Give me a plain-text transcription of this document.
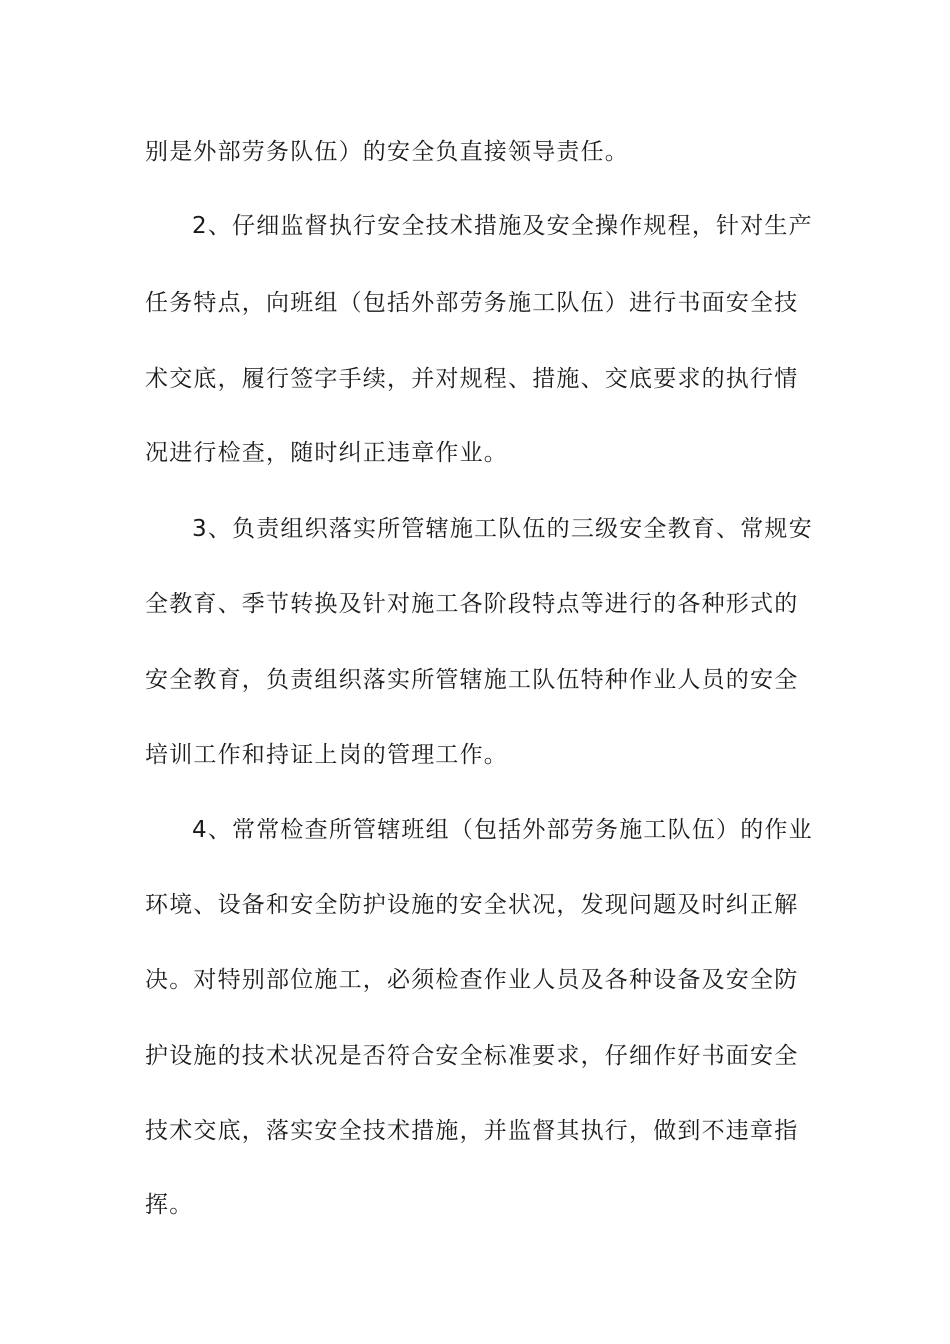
别是外部劳务队伍）的安全负直接领导责任。
2、仔细监督执行安全技术措施及安全操作规程，针对生产
任务特点，向班组（包括外部劳务施工队伍）进行书面安全技
术交底，履行签字手续，并对规程、措施、交底要求的执行情
况进行检查，随时纠正违章作业。
3、负责组织落实所管辖施工队伍的三级安全教育、常规安
全教育、季节转换及针对施工各阶段特点等进行的各种形式的
安全教育，负责组织落实所管辖施工队伍特种作业人员的安全
培训工作和持证上岗的管理工作。
4、常常检查所管辖班组（包括外部劳务施工队伍）的作业
环境、设备和安全防护设施的安全状况，发现问题及时纠正解
决。对特别部位施工，必须检查作业人员及各种设备及安全防
护设施的技术状况是否符合安全标准要求，仔细作好书面安全
技术交底，落实安全技术措施，并监督其执行，做到不违章指
挥。
